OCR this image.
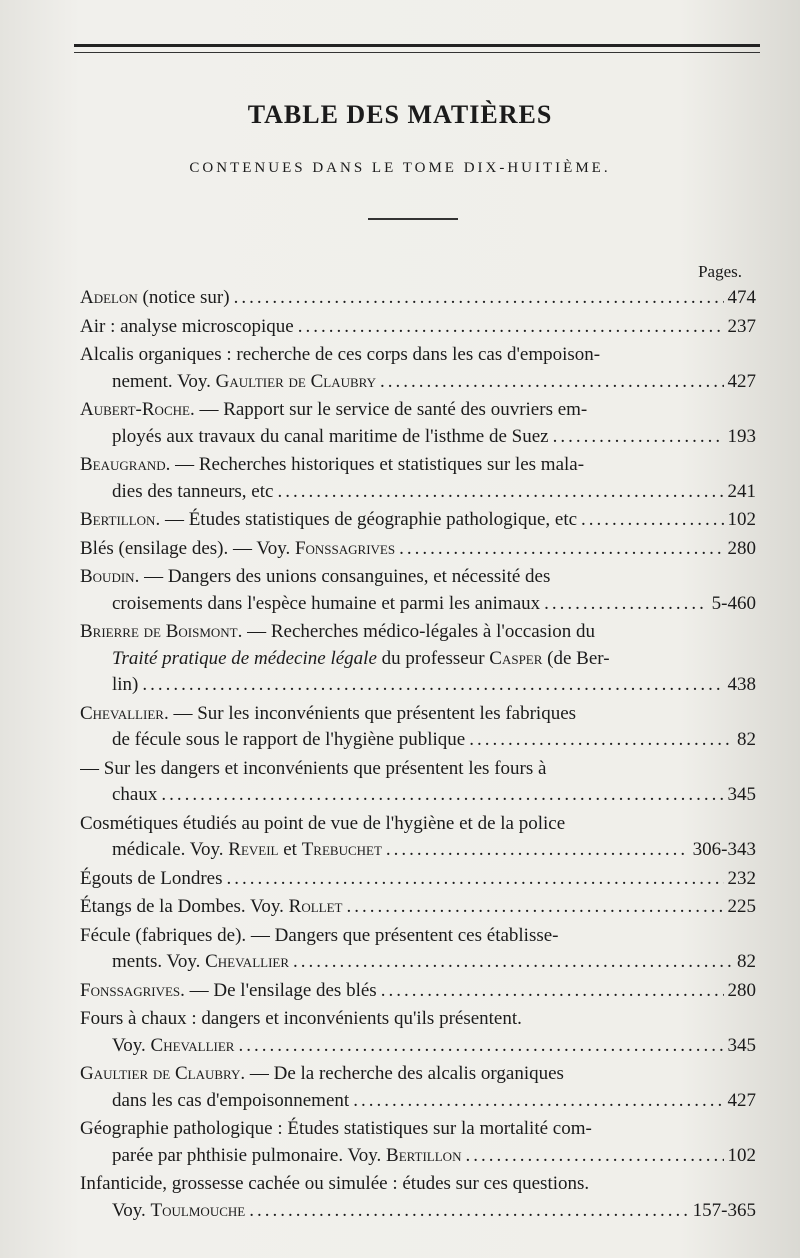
TABLE DES MATIÈRES
CONTENUES DANS LE TOME DIX-HUITIÈME.
Pages.
Adelon (notice sur) .....	474
Air : analyse microscopique .....	237
Alcalis organiques : recherche de ces corps dans les cas d'empoison-
nement. Voy. Gaultier de Claubry .....	427
Aubert-Roche. — Rapport sur le service de santé des ouvriers em-
ployés aux travaux du canal maritime de l'isthme de Suez .....	193
Beaugrand. — Recherches historiques et statistiques sur les mala-
dies des tanneurs, etc .....	241
Bertillon. — Études statistiques de géographie pathologique, etc .....	102
Blés (ensilage des). — Voy. Fonssagrives .....	280
Boudin. — Dangers des unions consanguines, et nécessité des
croisements dans l'espèce humaine et parmi les animaux .....	5-460
Brierre de Boismont. — Recherches médico-légales à l'occasion du
Traité pratique de médecine légale du professeur Casper (de Ber-
lin) .....	438
Chevallier. — Sur les inconvénients que présentent les fabriques
de fécule sous le rapport de l'hygiène publique .....	82
— Sur les dangers et inconvénients que présentent les fours à
chaux .....	345
Cosmétiques étudiés au point de vue de l'hygiène et de la police
médicale. Voy. Reveil et Trebuchet .....	306-343
Égouts de Londres .....	232
Étangs de la Dombes. Voy. Rollet .....	225
Fécule (fabriques de). — Dangers que présentent ces établisse-
ments. Voy. Chevallier .....	82
Fonssagrives. — De l'ensilage des blés .....	280
Fours à chaux : dangers et inconvénients qu'ils présentent.
Voy. Chevallier .....	345
Gaultier de Claubry. — De la recherche des alcalis organiques
dans les cas d'empoisonnement .....	427
Géographie pathologique : Études statistiques sur la mortalité com-
parée par phthisie pulmonaire. Voy. Bertillon .....	102
Infanticide, grossesse cachée ou simulée : études sur ces questions.
Voy. Toulmouche .....	157-365
